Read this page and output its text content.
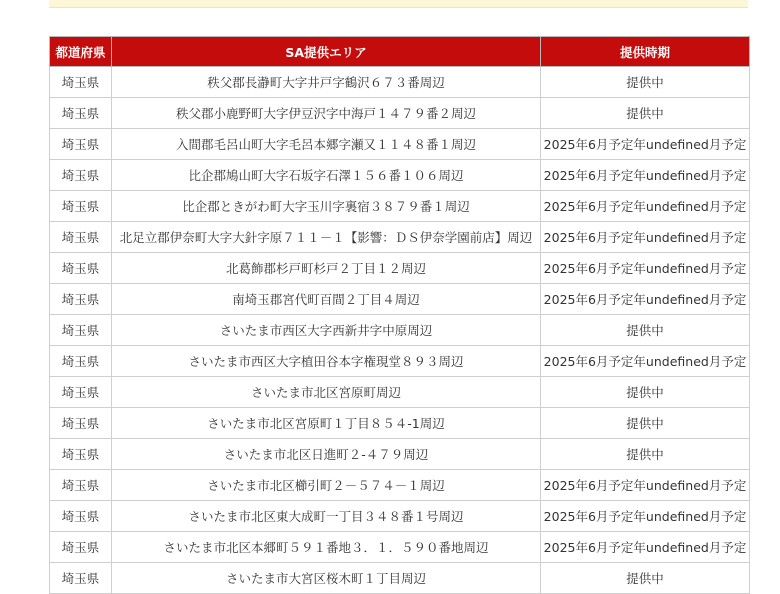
都道府県	SA提供エリア	提供時期
埼玉県	秩父郡長瀞町大字井戸字鶴沢６７３番周辺	提供中
埼玉県	秩父郡小鹿野町大字伊豆沢字中海戸１４７９番２周辺	提供中
埼玉県	入間郡毛呂山町大字毛呂本郷字瀬又１１４８番１周辺	2025年6月予定年undefined月予定
埼玉県	比企郡鳩山町大字石坂字石澤１５６番１０６周辺	2025年6月予定年undefined月予定
埼玉県	比企郡ときがわ町大字玉川字裏宿３８７９番１周辺	2025年6月予定年undefined月予定
埼玉県	北足立郡伊奈町大字大針字原７１１－１【影響：ＤＳ伊奈学園前店】周辺	2025年6月予定年undefined月予定
埼玉県	北葛飾郡杉戸町杉戸２丁目１２周辺	2025年6月予定年undefined月予定
埼玉県	南埼玉郡宮代町百間２丁目４周辺	2025年6月予定年undefined月予定
埼玉県	さいたま市西区大字西新井字中原周辺	提供中
埼玉県	さいたま市西区大字植田谷本字権現堂８９３周辺	2025年6月予定年undefined月予定
埼玉県	さいたま市北区宮原町周辺	提供中
埼玉県	さいたま市北区宮原町１丁目８５４-1周辺	提供中
埼玉県	さいたま市北区日進町２-４７９周辺	提供中
埼玉県	さいたま市北区櫛引町２－５７４－１周辺	2025年6月予定年undefined月予定
埼玉県	さいたま市北区東大成町一丁目３４８番１号周辺	2025年6月予定年undefined月予定
埼玉県	さいたま市北区本郷町５９１番地３．１．５９０番地周辺	2025年6月予定年undefined月予定
埼玉県	さいたま市大宮区桜木町１丁目周辺	提供中
